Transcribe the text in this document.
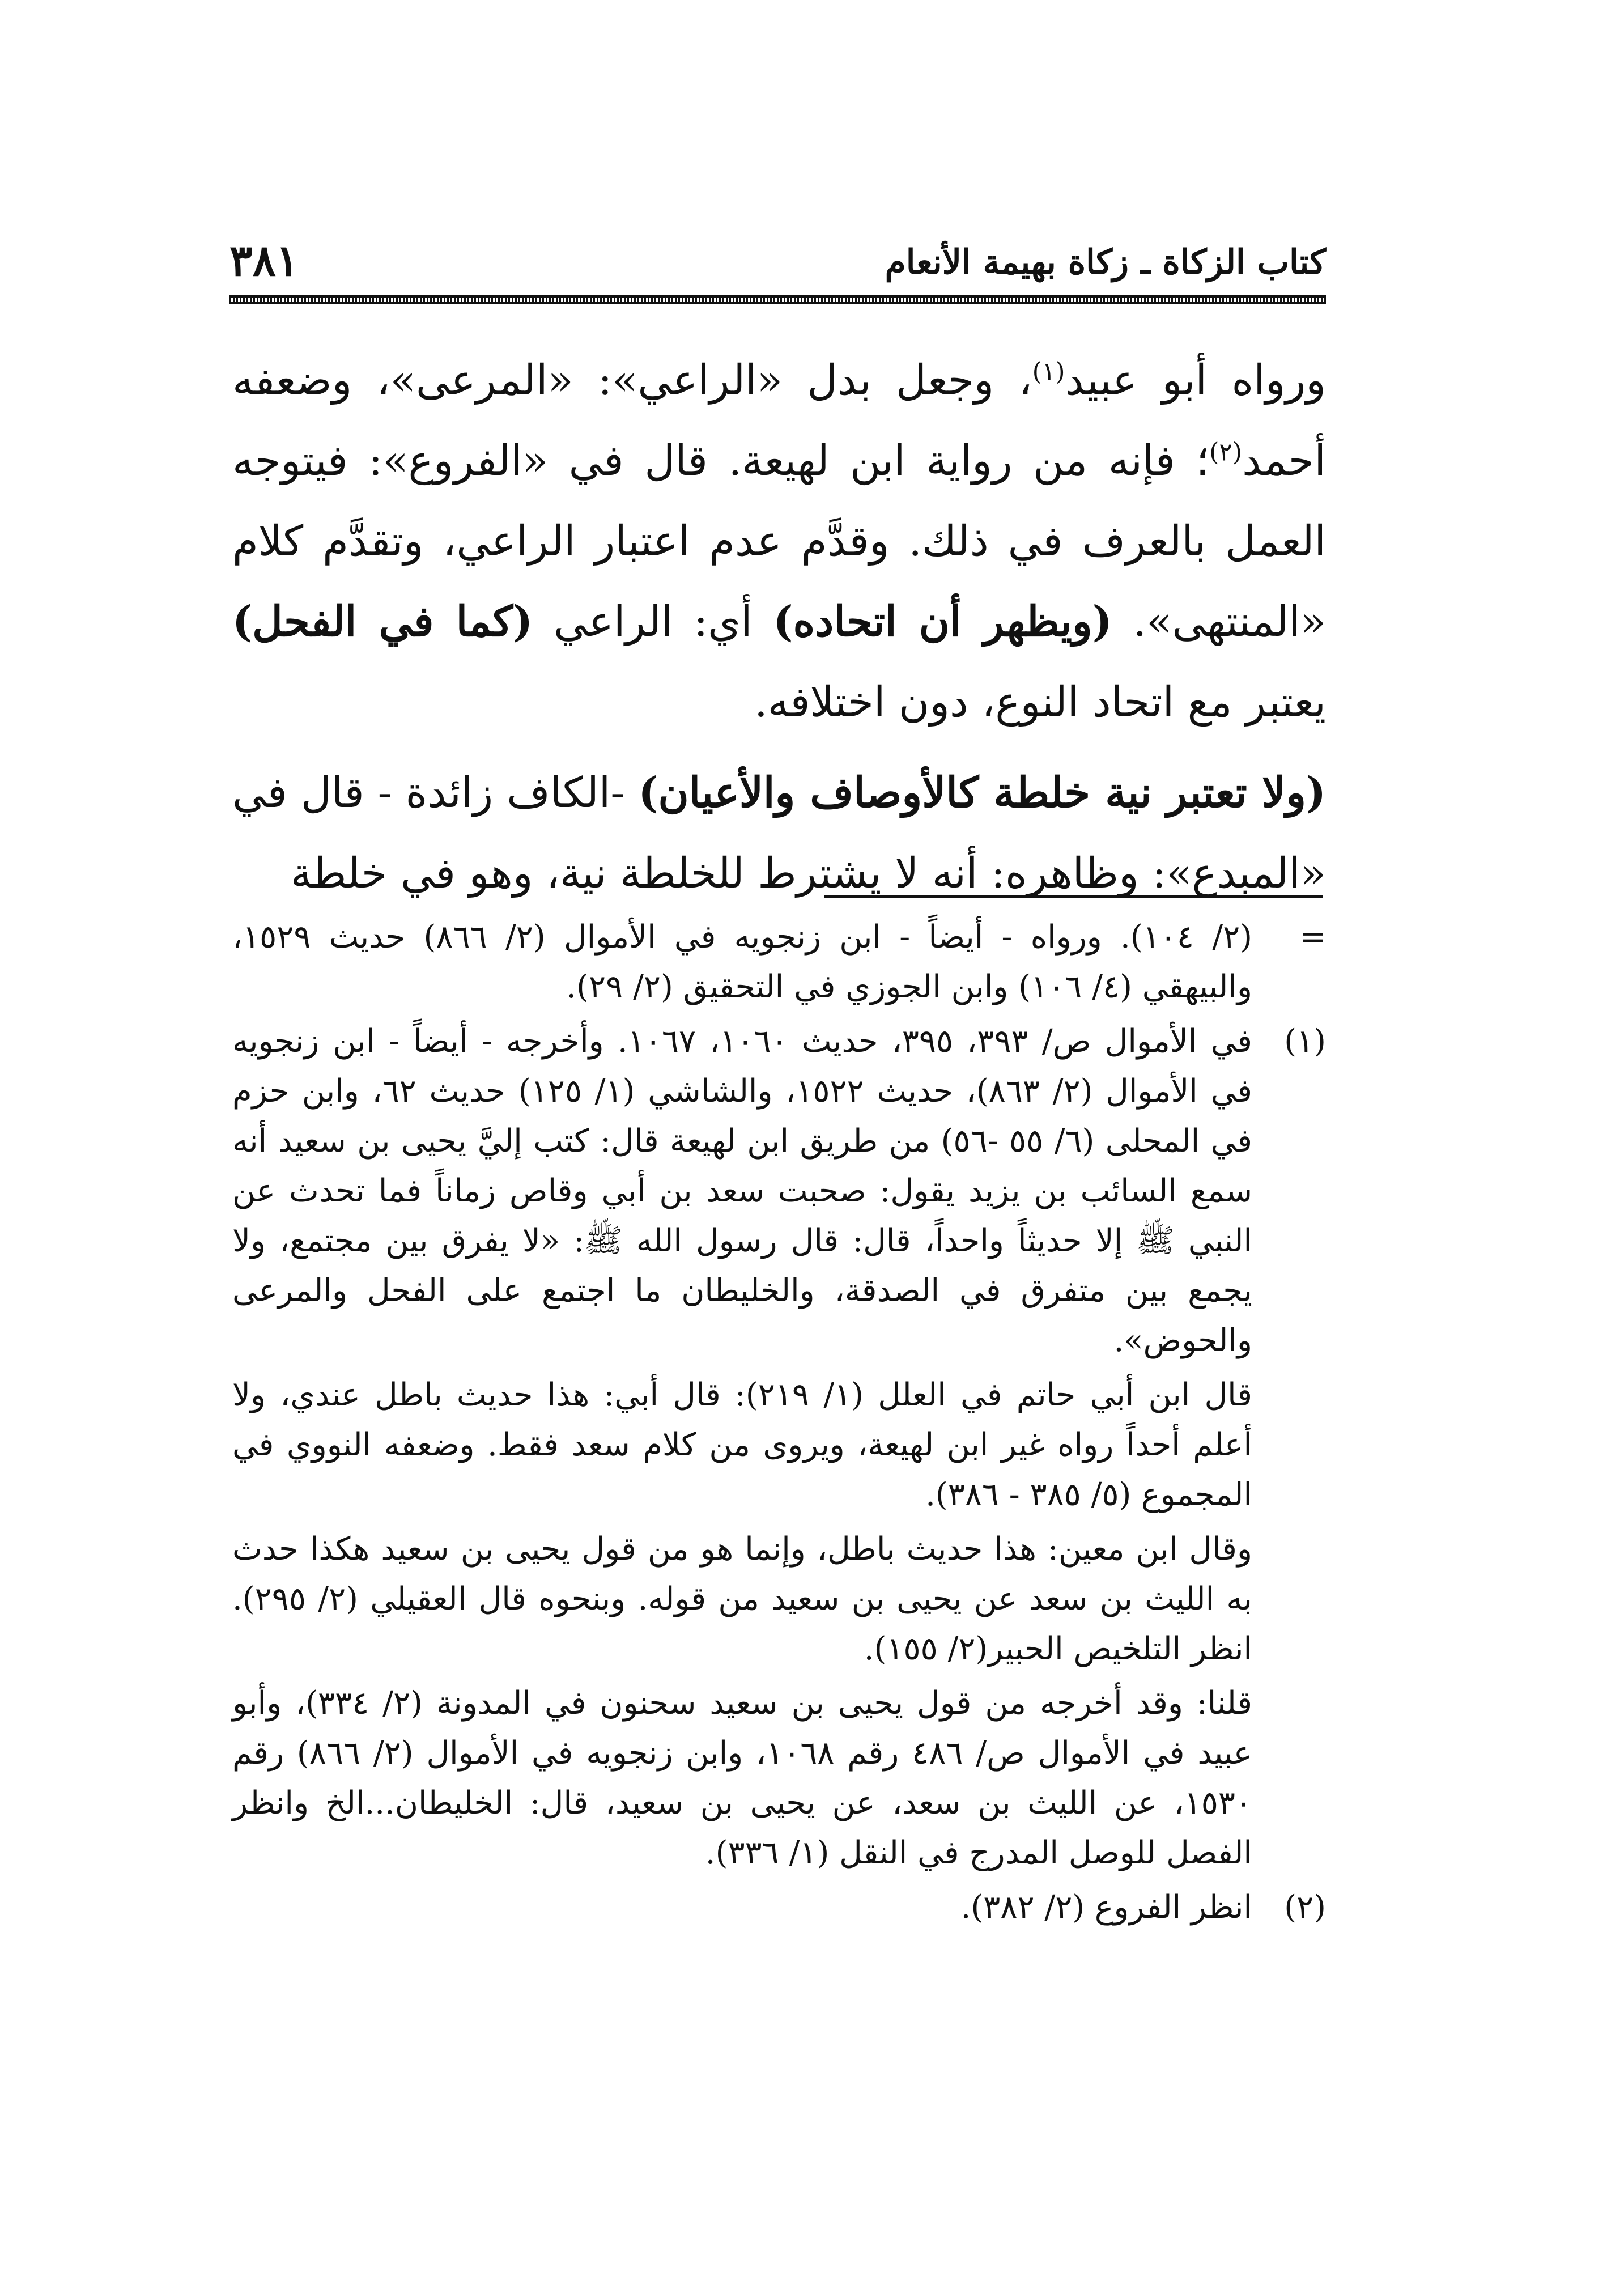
٣٨١	كتاب الزكاة ـ زكاة بهيمة الأنعام

ورواه أبو عبيد$^{(١)}$، وجعل بدل «الراعي»: «المرعى»، وضعفه أحمد$^{(٢)}$؛ فإنه من رواية ابن لهيعة. قال في «الفروع»: فيتوجه العمل بالعرف في ذلك. وقدَّم عدم اعتبار الراعي، وتقدَّم كلام «المنتهى». (ويظهر أن اتحاده) أي: الراعي (كما في الفحل) يعتبر مع اتحاد النوع، دون اختلافه.

(ولا تعتبر نية خلطة كالأوصاف والأعيان) -الكاف زائدة - قال في «المبدع»: وظاهره: أنه لا يشترط للخلطة نية، وهو في خلطة

=
(٢/ ١٠٤). ورواه - أيضاً - ابن زنجويه في الأموال (٢/ ٨٦٦) حديث ١٥٢٩، والبيهقي (٤/ ١٠٦) وابن الجوزي في التحقيق (٢/ ٢٩).
(١)
في الأموال ص/ ٣٩٣، ٣٩٥، حديث ١٠٦٠، ١٠٦٧. وأخرجه - أيضاً - ابن زنجويه في الأموال (٢/ ٨٦٣)، حديث ١٥٢٢، والشاشي (١/ ١٢٥) حديث ٦٢، وابن حزم في المحلى (٦/ ٥٥ -٥٦) من طريق ابن لهيعة قال: كتب إليَّ يحيى بن سعيد أنه سمع السائب بن يزيد يقول: صحبت سعد بن أبي وقاص زماناً فما تحدث عن النبي ﷺ إلا حديثاً واحداً، قال: قال رسول الله ﷺ: «لا يفرق بين مجتمع، ولا يجمع بين متفرق في الصدقة، والخليطان ما اجتمع على الفحل والمرعى والحوض».
قال ابن أبي حاتم في العلل (١/ ٢١٩): قال أبي: هذا حديث باطل عندي، ولا أعلم أحداً رواه غير ابن لهيعة، ويروى من كلام سعد فقط. وضعفه النووي في المجموع (٥/ ٣٨٥ - ٣٨٦).
وقال ابن معين: هذا حديث باطل، وإنما هو من قول يحيى بن سعيد هكذا حدث به الليث بن سعد عن يحيى بن سعيد من قوله. وبنحوه قال العقيلي (٢/ ٢٩٥). انظر التلخيص الحبير(٢/ ١٥٥).
قلنا: وقد أخرجه من قول يحيى بن سعيد سحنون في المدونة (٢/ ٣٣٤)، وأبو عبيد في الأموال ص/ ٤٨٦ رقم ١٠٦٨، وابن زنجويه في الأموال (٢/ ٨٦٦) رقم ١٥٣٠، عن الليث بن سعد، عن يحيى بن سعيد، قال: الخليطان...الخ وانظر الفصل للوصل المدرج في النقل (١/ ٣٣٦).
(٢)
انظر الفروع (٢/ ٣٨٢).
